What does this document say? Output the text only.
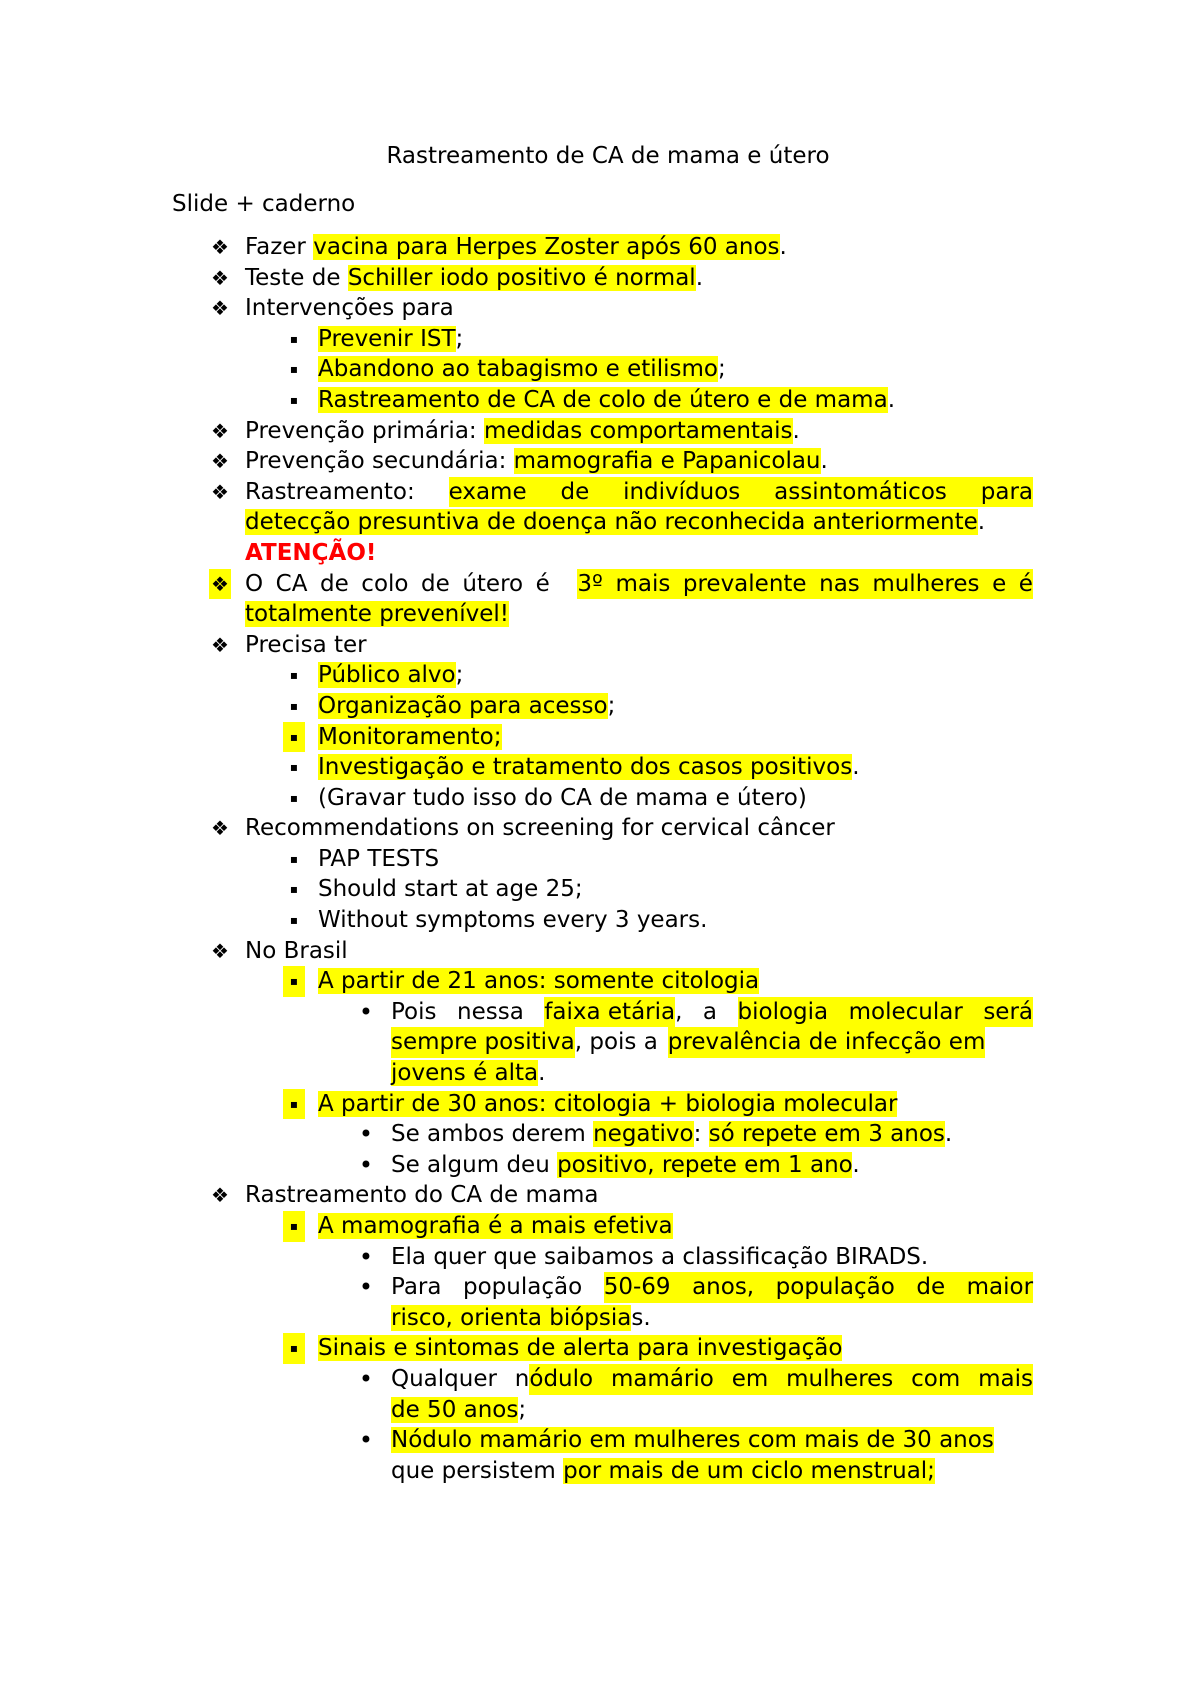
Rastreamento de CA de mama e útero
Slide + caderno
❖ Fazer vacina para Herpes Zoster após 60 anos.
❖ Teste de Schiller iodo positivo é normal.
❖ Intervenções para
▪ Prevenir IST;
▪ Abandono ao tabagismo e etilismo;
▪ Rastreamento de CA de colo de útero e de mama.
❖ Prevenção primária: medidas comportamentais.
❖ Prevenção secundária: mamografia e Papanicolau.
❖ Rastreamento: exame de indivíduos assintomáticos para
detecção presuntiva de doença não reconhecida anteriormente.
ATENÇÃO!
❖ O CA de colo de útero é 3º mais prevalente nas mulheres e é
totalmente prevenível!
❖ Precisa ter
▪ Público alvo;
▪ Organização para acesso;
▪ Monitoramento;
▪ Investigação e tratamento dos casos positivos.
▪ (Gravar tudo isso do CA de mama e útero)
❖ Recommendations on screening for cervical câncer
▪ PAP TESTS
▪ Should start at age 25;
▪ Without symptoms every 3 years.
❖ No Brasil
▪ A partir de 21 anos: somente citologia
• Pois nessa faixa etária , a biologia molecular será
sempre positiva , pois a prevalência de infecção em
jovens é alta.
▪ A partir de 30 anos: citologia + biologia molecular
• Se ambos derem negativo: só repete em 3 anos.
• Se algum deu positivo, repete em 1 ano.
❖ Rastreamento do CA de mama
▪ A mamografia é a mais efetiva
• Ela quer que saibamos a classificação BIRADS.
• Para população 50-69 anos, população de maior
risco, orienta biópsias.
▪ Sinais e sintomas de alerta para investigação
• Qualquer n ódulo mamário em mulheres com mais
de 50 anos;
• Nódulo mamário em mulheres com mais de 30 anos
que persistem por mais de um ciclo menstrual;
